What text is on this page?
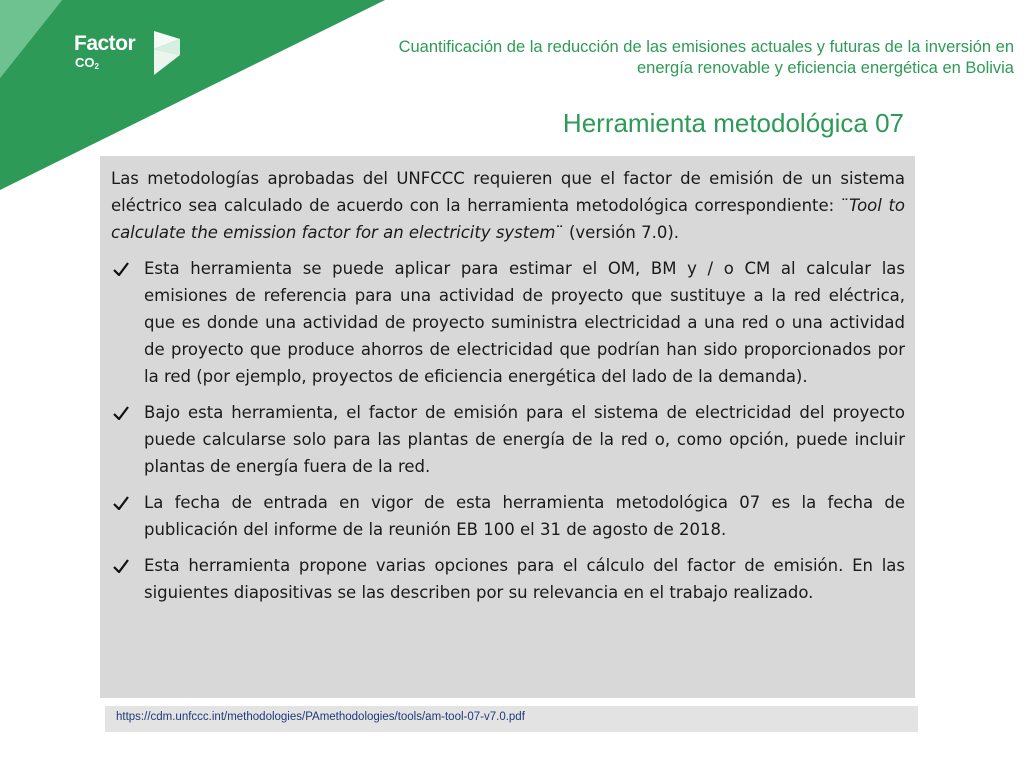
Factor
$CO_2$
Cuantificación de la reducción de las emisiones actuales y futuras de la inversión en
energía renovable y eficiencia energética en Bolivia
Herramienta metodológica 07

Las metodologías aprobadas del UNFCCC requieren que el factor de emisión de un sistema eléctrico sea calculado de acuerdo con la herramienta metodológica correspondiente: ¨Tool to calculate the emission factor for an electricity system¨ (versión 7.0).

Esta herramienta se puede aplicar para estimar el OM, BM y / o CM al calcular las emisiones de referencia para una actividad de proyecto que sustituye a la red eléctrica, que es donde una actividad de proyecto suministra electricidad a una red o una actividad de proyecto que produce ahorros de electricidad que podrían han sido proporcionados por la red (por ejemplo, proyectos de eficiencia energética del lado de la demanda).
Bajo esta herramienta, el factor de emisión para el sistema de electricidad del proyecto puede calcularse solo para las plantas de energía de la red o, como opción, puede incluir plantas de energía fuera de la red.
La fecha de entrada en vigor de esta herramienta metodológica 07 es la fecha de publicación del informe de la reunión EB 100 el 31 de agosto de 2018.
Esta herramienta propone varias opciones para el cálculo del factor de emisión. En las siguientes diapositivas se las describen por su relevancia en el trabajo realizado.
https://cdm.unfccc.int/methodologies/PAmethodologies/tools/am-tool-07-v7.0.pdf
